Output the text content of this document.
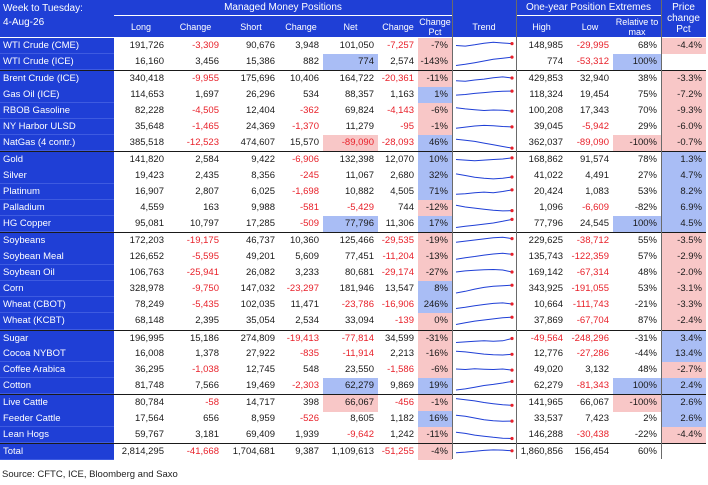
Week to Tuesday:
4-Aug-26
Managed Money Positions	One-year Position Extremes	Price change Pct
Long	Change	Short	Change	Net	Change Change Pct	Trend	High	Low	Relative to max
WTI Crude (CME)	191,726	-3,309	90,676	3,948	101,050	-7,257	-7%	148,985	-29,995	68%	-4.4%
WTI Crude (ICE)	16,160	3,456	15,386	882	774	2,574 -143%	774	-53,312	100%
Brent Crude (ICE)	340,418	-9,955	175,696	10,406	164,722 -20,361	-11%	429,853	32,940	38%	-3.3%
Gas Oil (ICE)	114,653	1,697	26,296	534	88,357	1,163	1%	118,324	19,454	75%	-7.2%
RBOB Gasoline	82,228	-4,505	12,404	-362	69,824	-4,143	-6%	100,208	17,343	70%	-9.3%
NY Harbor ULSD	35,648	-1,465	24,369	-1,370	11,279	-95	-1%	39,045	-5,942	29%	-6.0%
NatGas (4 contr.)	385,518	-12,523	474,607	15,570	-89,090 -28,093	46%	362,037	-89,090	-100%	-0.7%
Gold	141,820	2,584	9,422	-6,906	132,398	12,070	10%	168,862	91,574	78%	1.3%
Silver	19,423	2,435	8,356	-245	11,067	2,680	32%	41,022	4,491	27%	4.7%
Platinum	16,907	2,807	6,025	-1,698	10,882	4,505	71%	20,424	1,083	53%	8.2%
Palladium	4,559	163	9,988	-581	-5,429	744	-12%	1,096	-6,609	-82%	6.9%
HG Copper	95,081	10,797	17,285	-509	77,796	11,306	17%	77,796	24,545	100%	4.5%
Soybeans	172,203	-19,175	46,737	10,360	125,466 -29,535	-19%	229,625	-38,712	55%	-3.5%
Soybean Meal	126,652	-5,595	49,201	5,609	77,451 -11,204	-13%	135,743 -122,359	57%	-2.9%
Soybean Oil	106,763	-25,941	26,082	3,233	80,681 -29,174	-27%	169,142	-67,314	48%	-2.0%
Corn	328,978	-9,750	147,032	-23,297	181,946	13,547	8%	343,925 -191,055	53%	-3.1%
Wheat (CBOT)	78,249	-5,435	102,035	11,471	-23,786 -16,906	246%	10,664	-111,743	-21%	-3.3%
Wheat (KCBT)	68,148	2,395	35,054	2,534	33,094	-139	0%	37,869	-67,704	87%	-2.4%
Sugar	196,995	15,186	274,809	-19,413	-77,814	34,599	-31%	-49,564 -248,296	-31%	3.4%
Cocoa NYBOT	16,008	1,378	27,922	-835	-11,914	2,213	-16%	12,776	-27,286	-44%	13.4%
Coffee Arabica	36,295	-1,038	12,745	548	23,550	-1,586	-6%	49,020	3,132	48%	-2.7%
Cotton	81,748	7,566	19,469	-2,303	62,279	9,869	19%	62,279	-81,343	100%	2.4%
Live Cattle	80,784	-58	14,717	398	66,067	-456	-1%	141,965	66,067	-100%	2.6%
Feeder Cattle	17,564	656	8,959	-526	8,605	1,182	16%	33,537	7,423	2%	2.6%
Lean Hogs	59,767	3,181	69,409	1,939	-9,642	1,242	-11%	146,288	-30,438	-22%	-4.4%
Total	2,814,295	-41,668	1,704,681	9,387	1,109,613 -51,255	-4%	1,860,856	156,454	60%
Source: CFTC, ICE, Bloomberg and Saxo
